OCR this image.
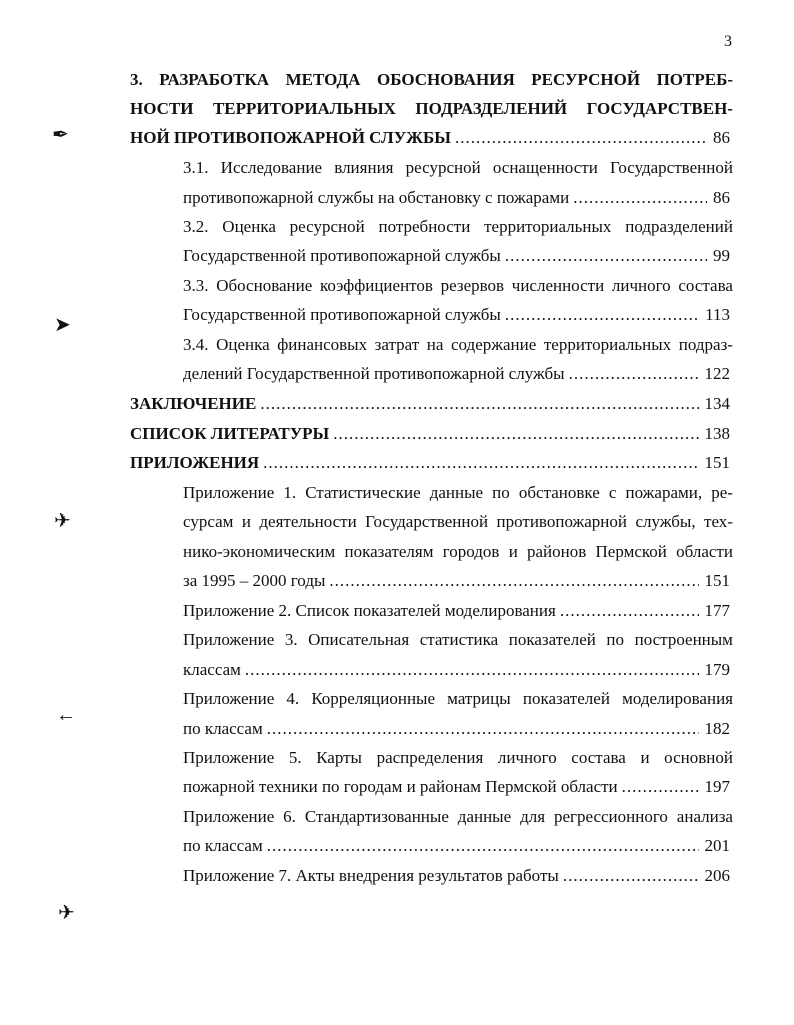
3
✒
➤
✈
←
✈
3. РАЗРАБОТКА МЕТОДА ОБОСНОВАНИЯ РЕСУРСНОЙ ПОТРЕБ-
НОСТИ ТЕРРИТОРИАЛЬНЫХ ПОДРАЗДЕЛЕНИЙ ГОСУДАРСТВЕН-
НОЙ ПРОТИВОПОЖАРНОЙ СЛУЖБЫ .....	86
3.1. Исследование влияния ресурсной оснащенности Государственной
противопожарной службы на обстановку с пожарами .....	86
3.2. Оценка ресурсной потребности территориальных подразделений
Государственной противопожарной службы .....	99
3.3. Обоснование коэффициентов резервов численности личного состава
Государственной противопожарной службы .....	113
3.4. Оценка финансовых затрат на содержание территориальных подраз-
делений Государственной противопожарной службы .....	122
ЗАКЛЮЧЕНИЕ .....	134
СПИСОК ЛИТЕРАТУРЫ .....	138
ПРИЛОЖЕНИЯ .....	151
Приложение 1. Статистические данные по обстановке с пожарами, ре-
сурсам и деятельности Государственной противопожарной службы, тех-
нико-экономическим показателям городов и районов Пермской области
за 1995 – 2000 годы .....	151
Приложение 2. Список показателей моделирования .....	177
Приложение 3. Описательная статистика показателей по построенным
классам .....	179
Приложение 4. Корреляционные матрицы показателей моделирования
по классам .....	182
Приложение 5. Карты распределения личного состава и основной
пожарной техники по городам и районам Пермской области .....	197
Приложение 6. Стандартизованные данные для регрессионного анализа
по классам .....	201
Приложение 7. Акты внедрения результатов работы .....	206
